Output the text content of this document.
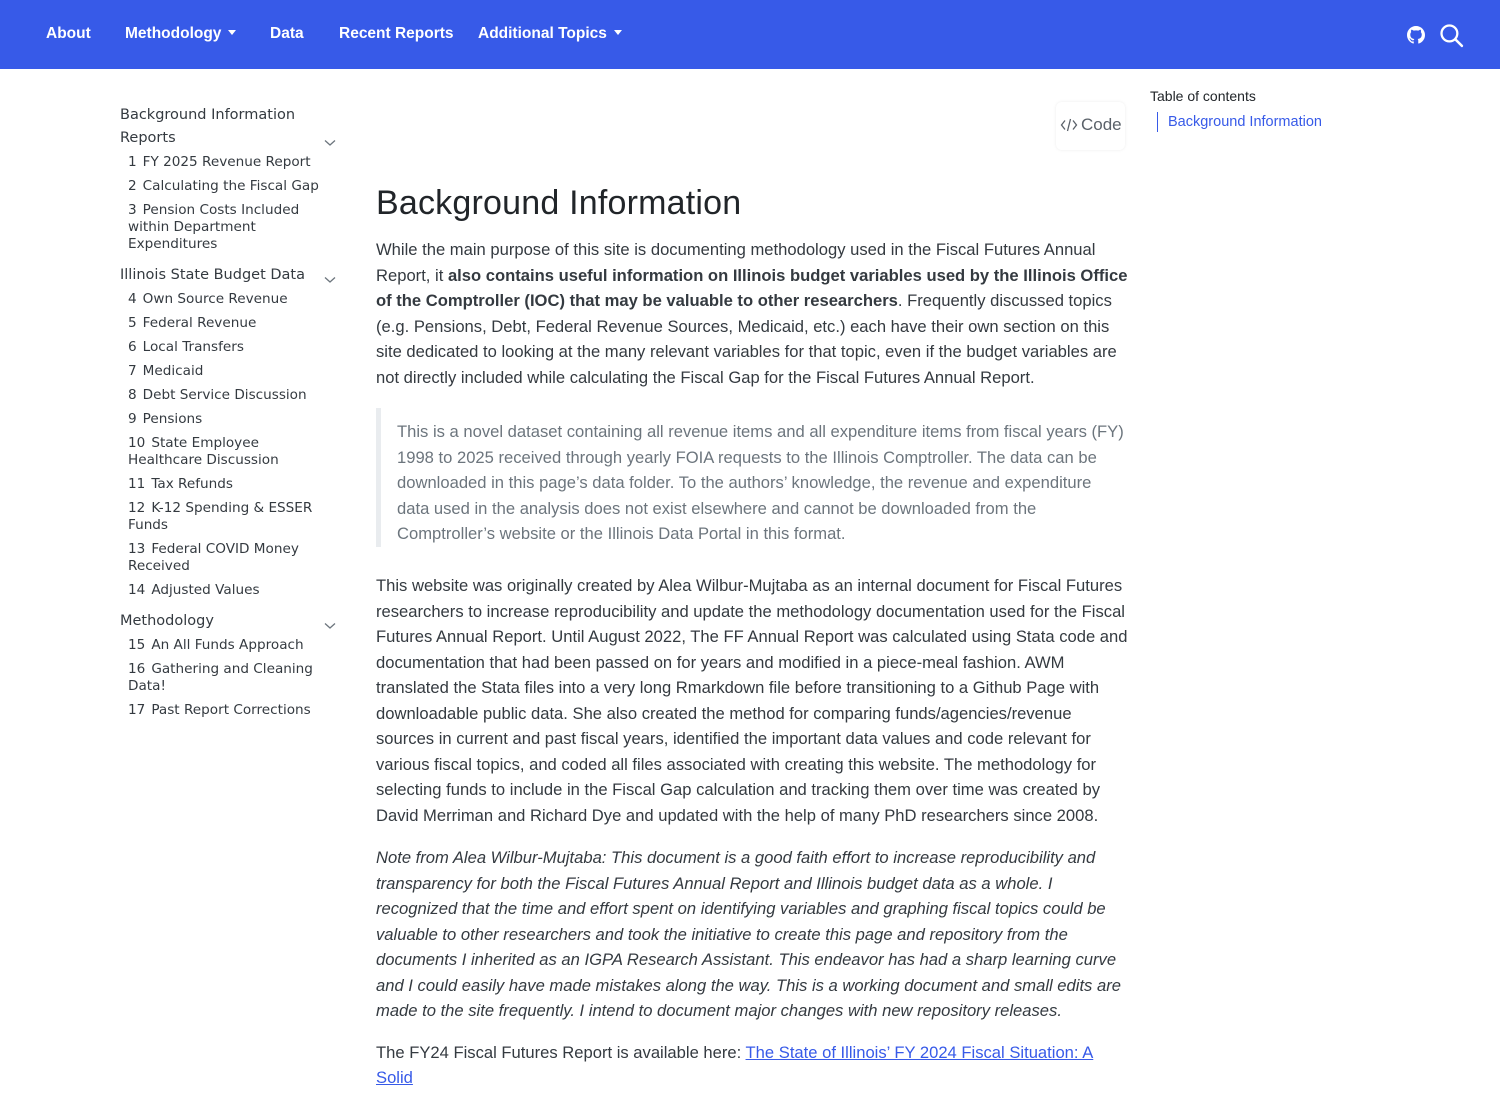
About Methodology	Data Recent Reports Additional Topics
Background Information
Reports
1 FY 2025 Revenue Report
2 Calculating the Fiscal Gap
3 Pension Costs Included within Department Expenditures
Illinois State Budget Data
4 Own Source Revenue
5 Federal Revenue
6 Local Transfers
7 Medicaid
8 Debt Service Discussion
9 Pensions
10 State Employee Healthcare Discussion
11 Tax Refunds
12 K-12 Spending & ESSER Funds
13 Federal COVID Money Received
14 Adjusted Values
Methodology
15 An All Funds Approach
16 Gathering and Cleaning Data!
17 Past Report Corrections
Code
Table of contents
Background Information
Background Information

While the main purpose of this site is documenting methodology used in the Fiscal Futures Annual Report, it also contains useful information on Illinois budget variables used by the Illinois Office of the Comptroller (IOC) that may be valuable to other researchers. Frequently discussed topics (e.g. Pensions, Debt, Federal Revenue Sources, Medicaid, etc.) each have their own section on this site dedicated to looking at the many relevant variables for that topic, even if the budget variables are not directly included while calculating the Fiscal Gap for the Fiscal Futures Annual Report.

This is a novel dataset containing all revenue items and all expenditure items from fiscal years (FY) 1998 to 2025 received through yearly FOIA requests to the Illinois Comptroller. The data can be downloaded in this page’s data folder. To the authors’ knowledge, the revenue and expenditure data used in the analysis does not exist elsewhere and cannot be downloaded from the Comptroller’s website or the Illinois Data Portal in this format.

This website was originally created by Alea Wilbur-Mujtaba as an internal document for Fiscal Futures researchers to increase reproducibility and update the methodology documentation used for the Fiscal Futures Annual Report. Until August 2022, The FF Annual Report was calculated using Stata code and documentation that had been passed on for years and modified in a piece-meal fashion. AWM translated the Stata files into a very long Rmarkdown file before transitioning to a Github Page with downloadable public data. She also created the method for comparing funds/agencies/revenue sources in current and past fiscal years, identified the important data values and code relevant for various fiscal topics, and coded all files associated with creating this website. The methodology for selecting funds to include in the Fiscal Gap calculation and tracking them over time was created by David Merriman and Richard Dye and updated with the help of many PhD researchers since 2008.

Note from Alea Wilbur-Mujtaba: This document is a good faith effort to increase reproducibility and transparency for both the Fiscal Futures Annual Report and Illinois budget data as a whole. I recognized that the time and effort spent on identifying variables and graphing fiscal topics could be valuable to other researchers and took the initiative to create this page and repository from the documents I inherited as an IGPA Research Assistant. This endeavor has had a sharp learning curve and I could easily have made mistakes along the way. This is a working document and small edits are made to the site frequently. I intend to document major changes with new repository releases.

The FY24 Fiscal Futures Report is available here: The State of Illinois’ FY 2024 Fiscal Situation: A Solid
